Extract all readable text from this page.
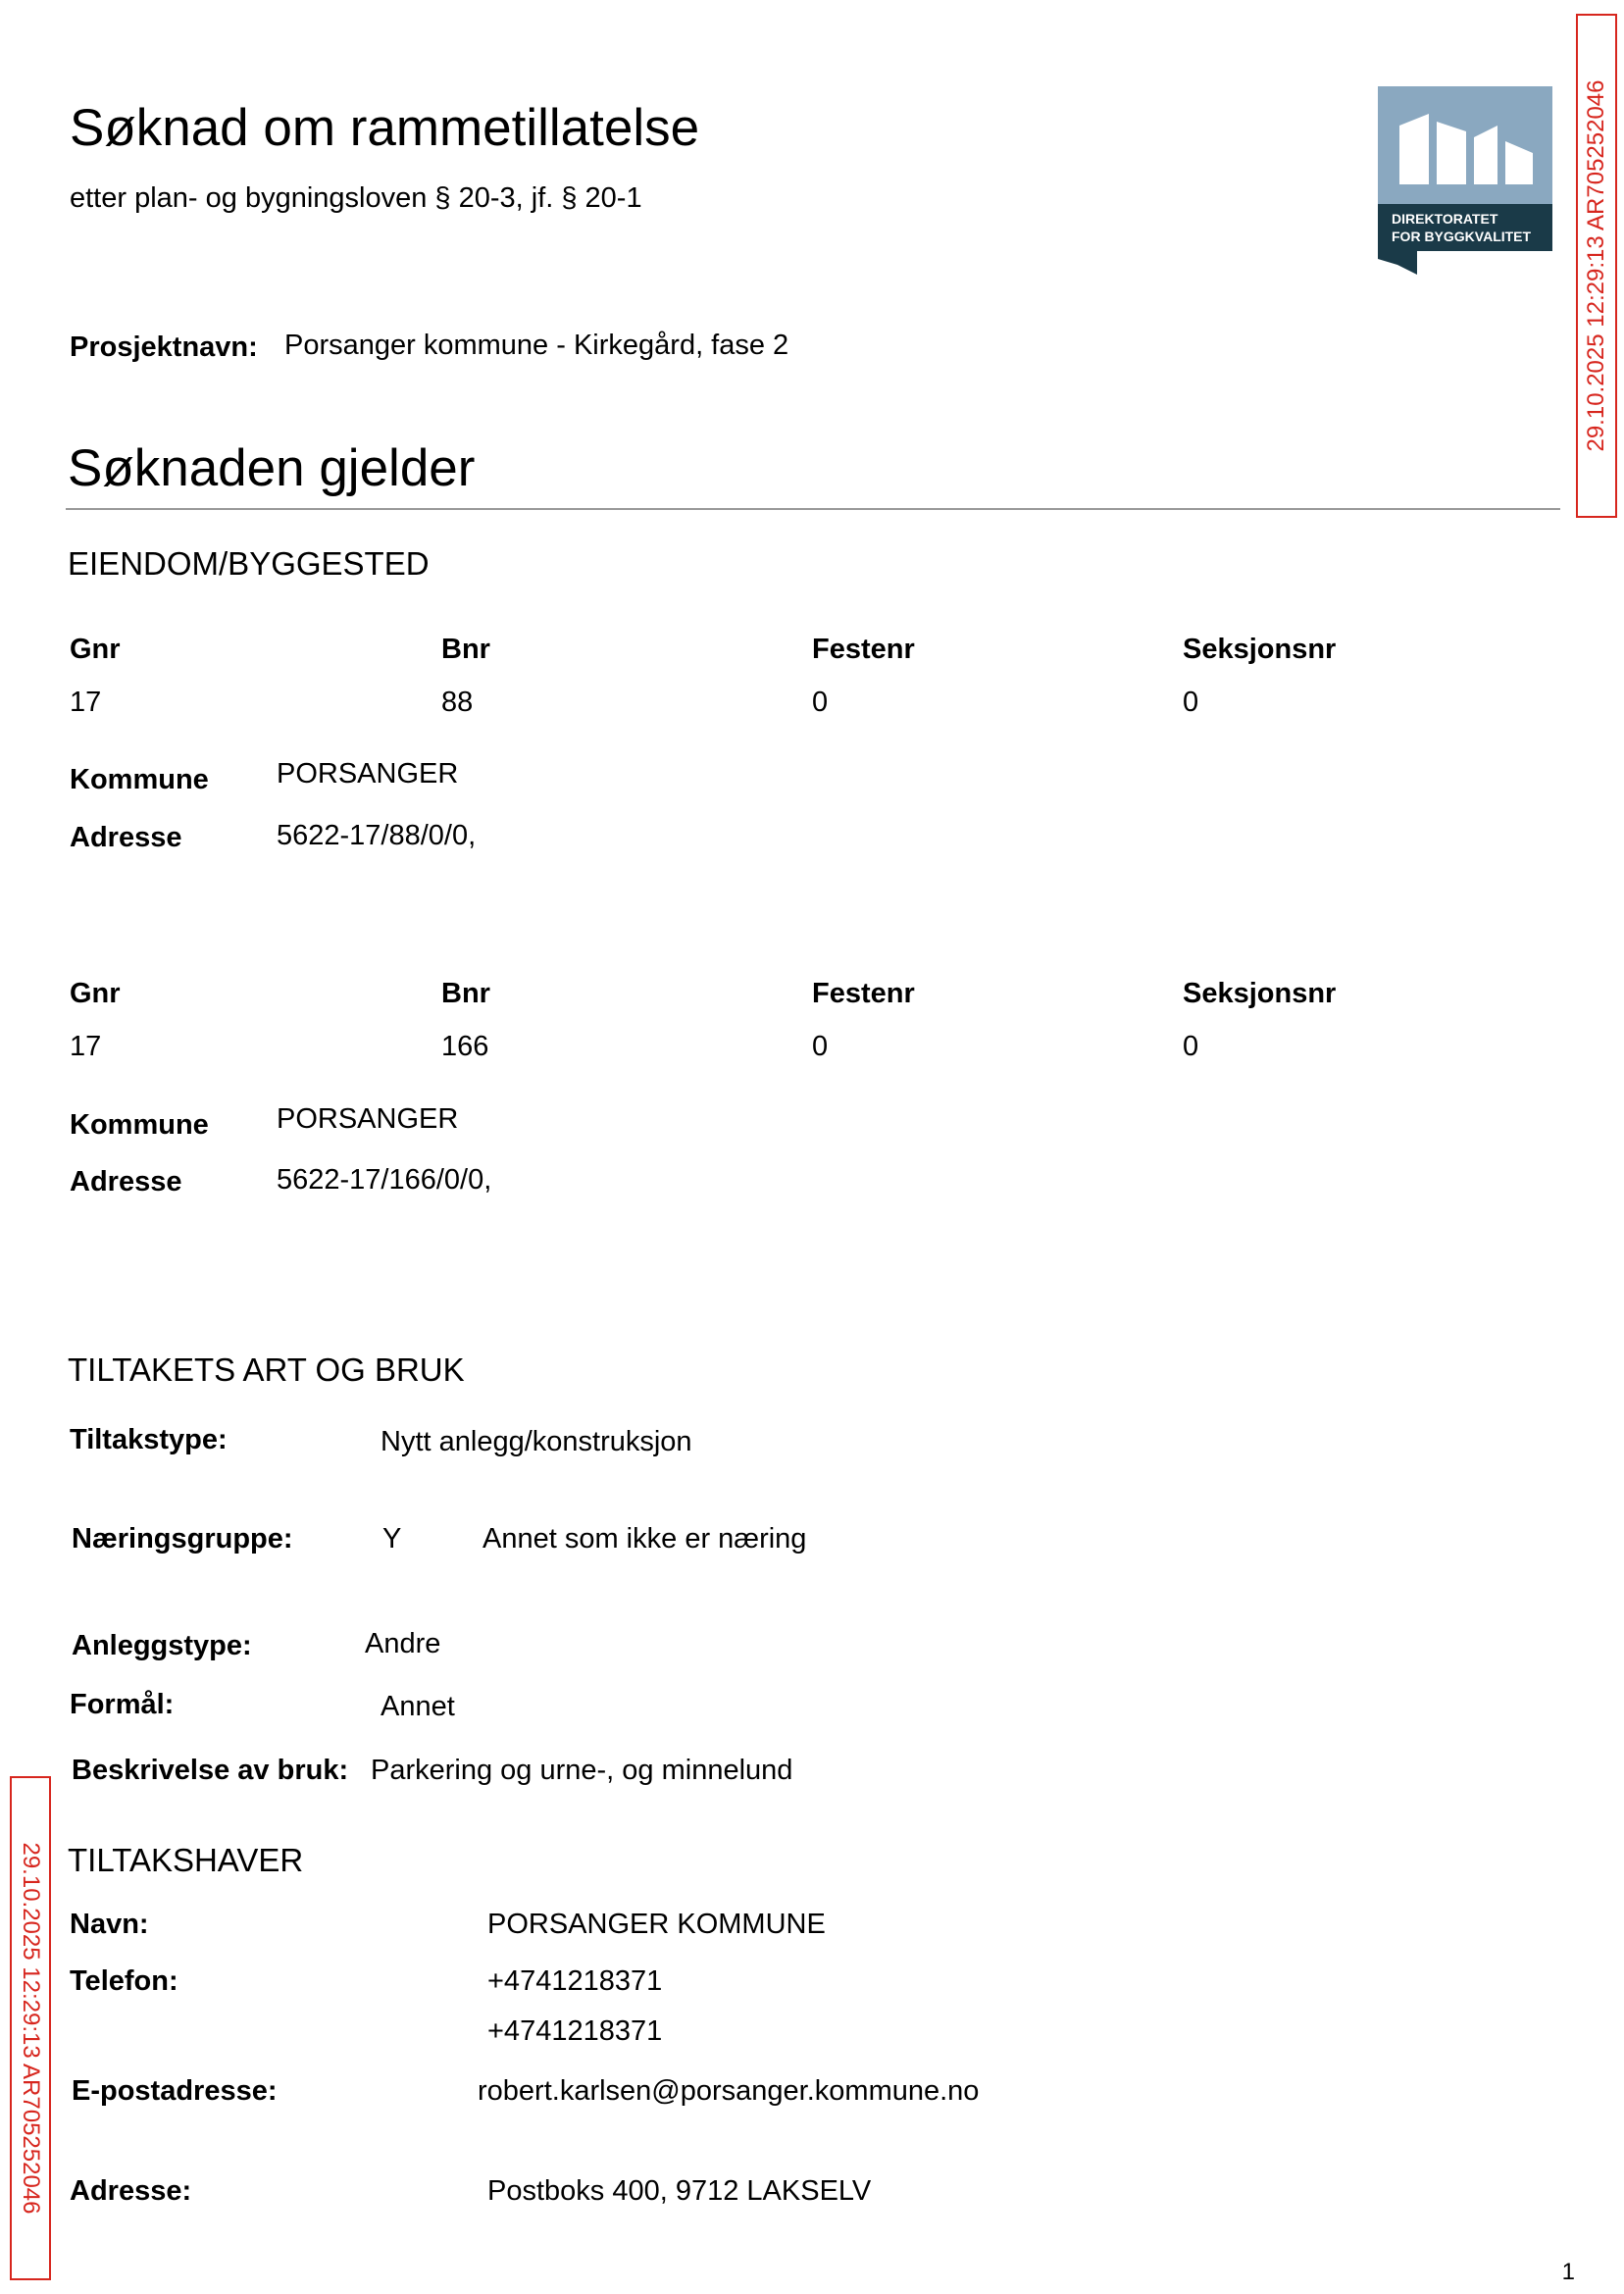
Søknad om rammetillatelse
etter plan- og bygningsloven § 20-3, jf. § 20-1
DIREKTORATET
FOR BYGGKVALITET 29.10.2025 12:29:13 AR705252046
Prosjektnavn: Porsanger kommune - Kirkegård, fase 2
Søknaden gjelder
EIENDOM/BYGGESTED
Gnr	Bnr	Festenr	Seksjonsnr
17	88	0	0
Kommune PORSANGER
Adresse	5622-17/88/0/0,
Gnr	Bnr	Festenr	Seksjonsnr
17	166	0	0
Kommune PORSANGER
Adresse	5622-17/166/0/0,
TILTAKETS ART OG BRUK
Tiltakstype:	Nytt anlegg/konstruksjon
Næringsgruppe:	Y	Annet som ikke er næring
Anleggstype:	Andre
Formål:	Annet
Beskrivelse av bruk: Parkering og urne-, og minnelund
29.10.2025 12:29:13 AR705252046 TILTAKSHAVER
Navn:	PORSANGER KOMMUNE
Telefon:	+4741218371
+4741218371
E-postadresse:	robert.karlsen@porsanger.kommune.no
Adresse:	Postboks 400, 9712 LAKSELV
1
